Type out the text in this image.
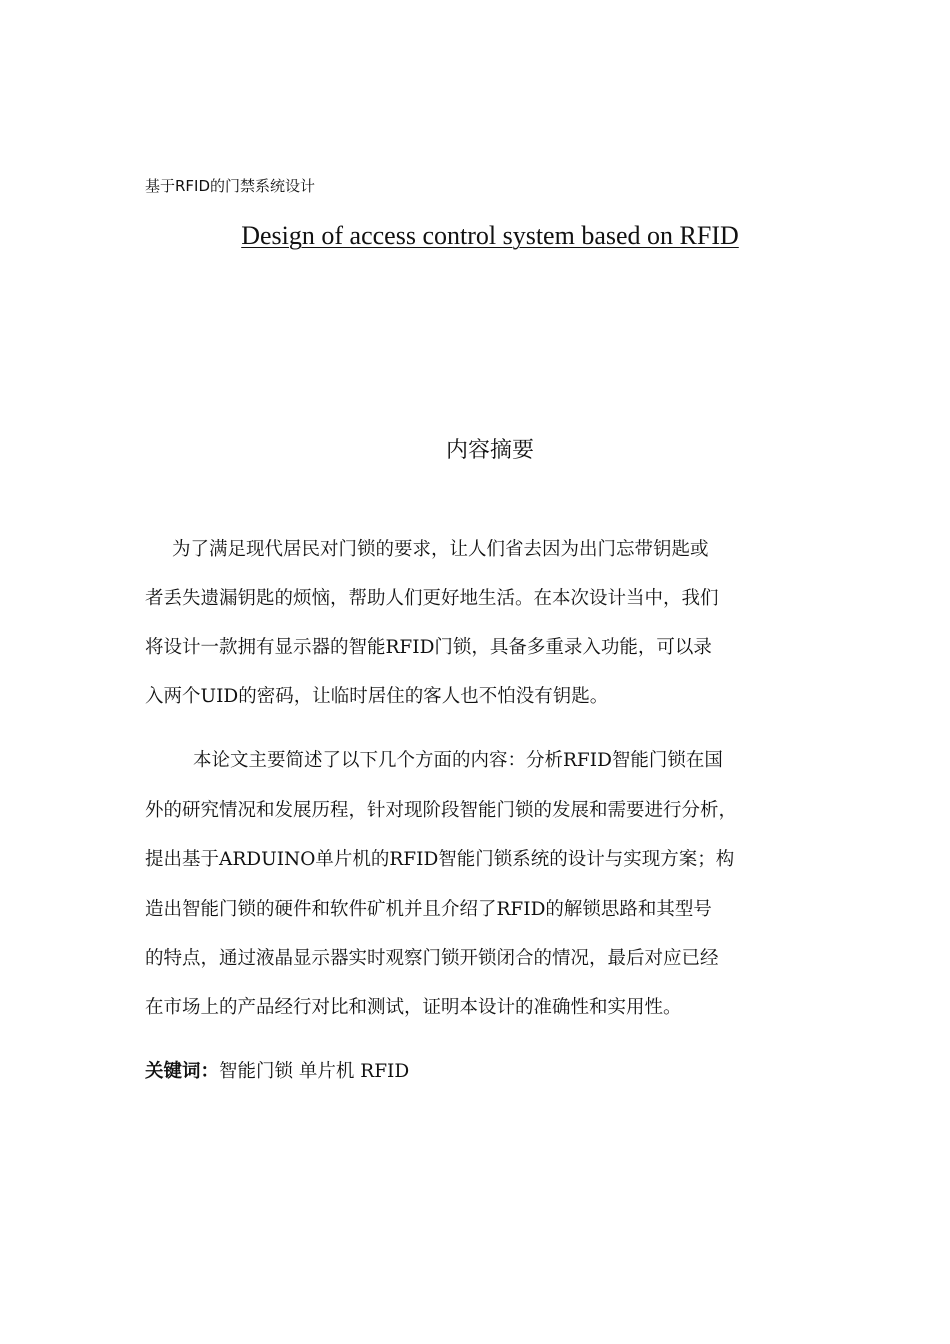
基于RFID的门禁系统设计
Design of access control system based on RFID
内容摘要
为了满足现代居民对门锁的要求，让人们省去因为出门忘带钥匙或
者丢失遗漏钥匙的烦恼，帮助人们更好地生活。在本次设计当中，我们
将设计一款拥有显示器的智能RFID门锁，具备多重录入功能，可以录
入两个UID的密码，让临时居住的客人也不怕没有钥匙。
本论文主要简述了以下几个方面的内容：分析RFID智能门锁在国
外的研究情况和发展历程，针对现阶段智能门锁的发展和需要进行分析，
提出基于ARDUINO单片机的RFID智能门锁系统的设计与实现方案；构
造出智能门锁的硬件和软件矿机并且介绍了RFID的解锁思路和其型号
的特点，通过液晶显示器实时观察门锁开锁闭合的情况，最后对应已经
在市场上的产品经行对比和测试，证明本设计的准确性和实用性。
关键词：智能门锁 单片机 RFID
